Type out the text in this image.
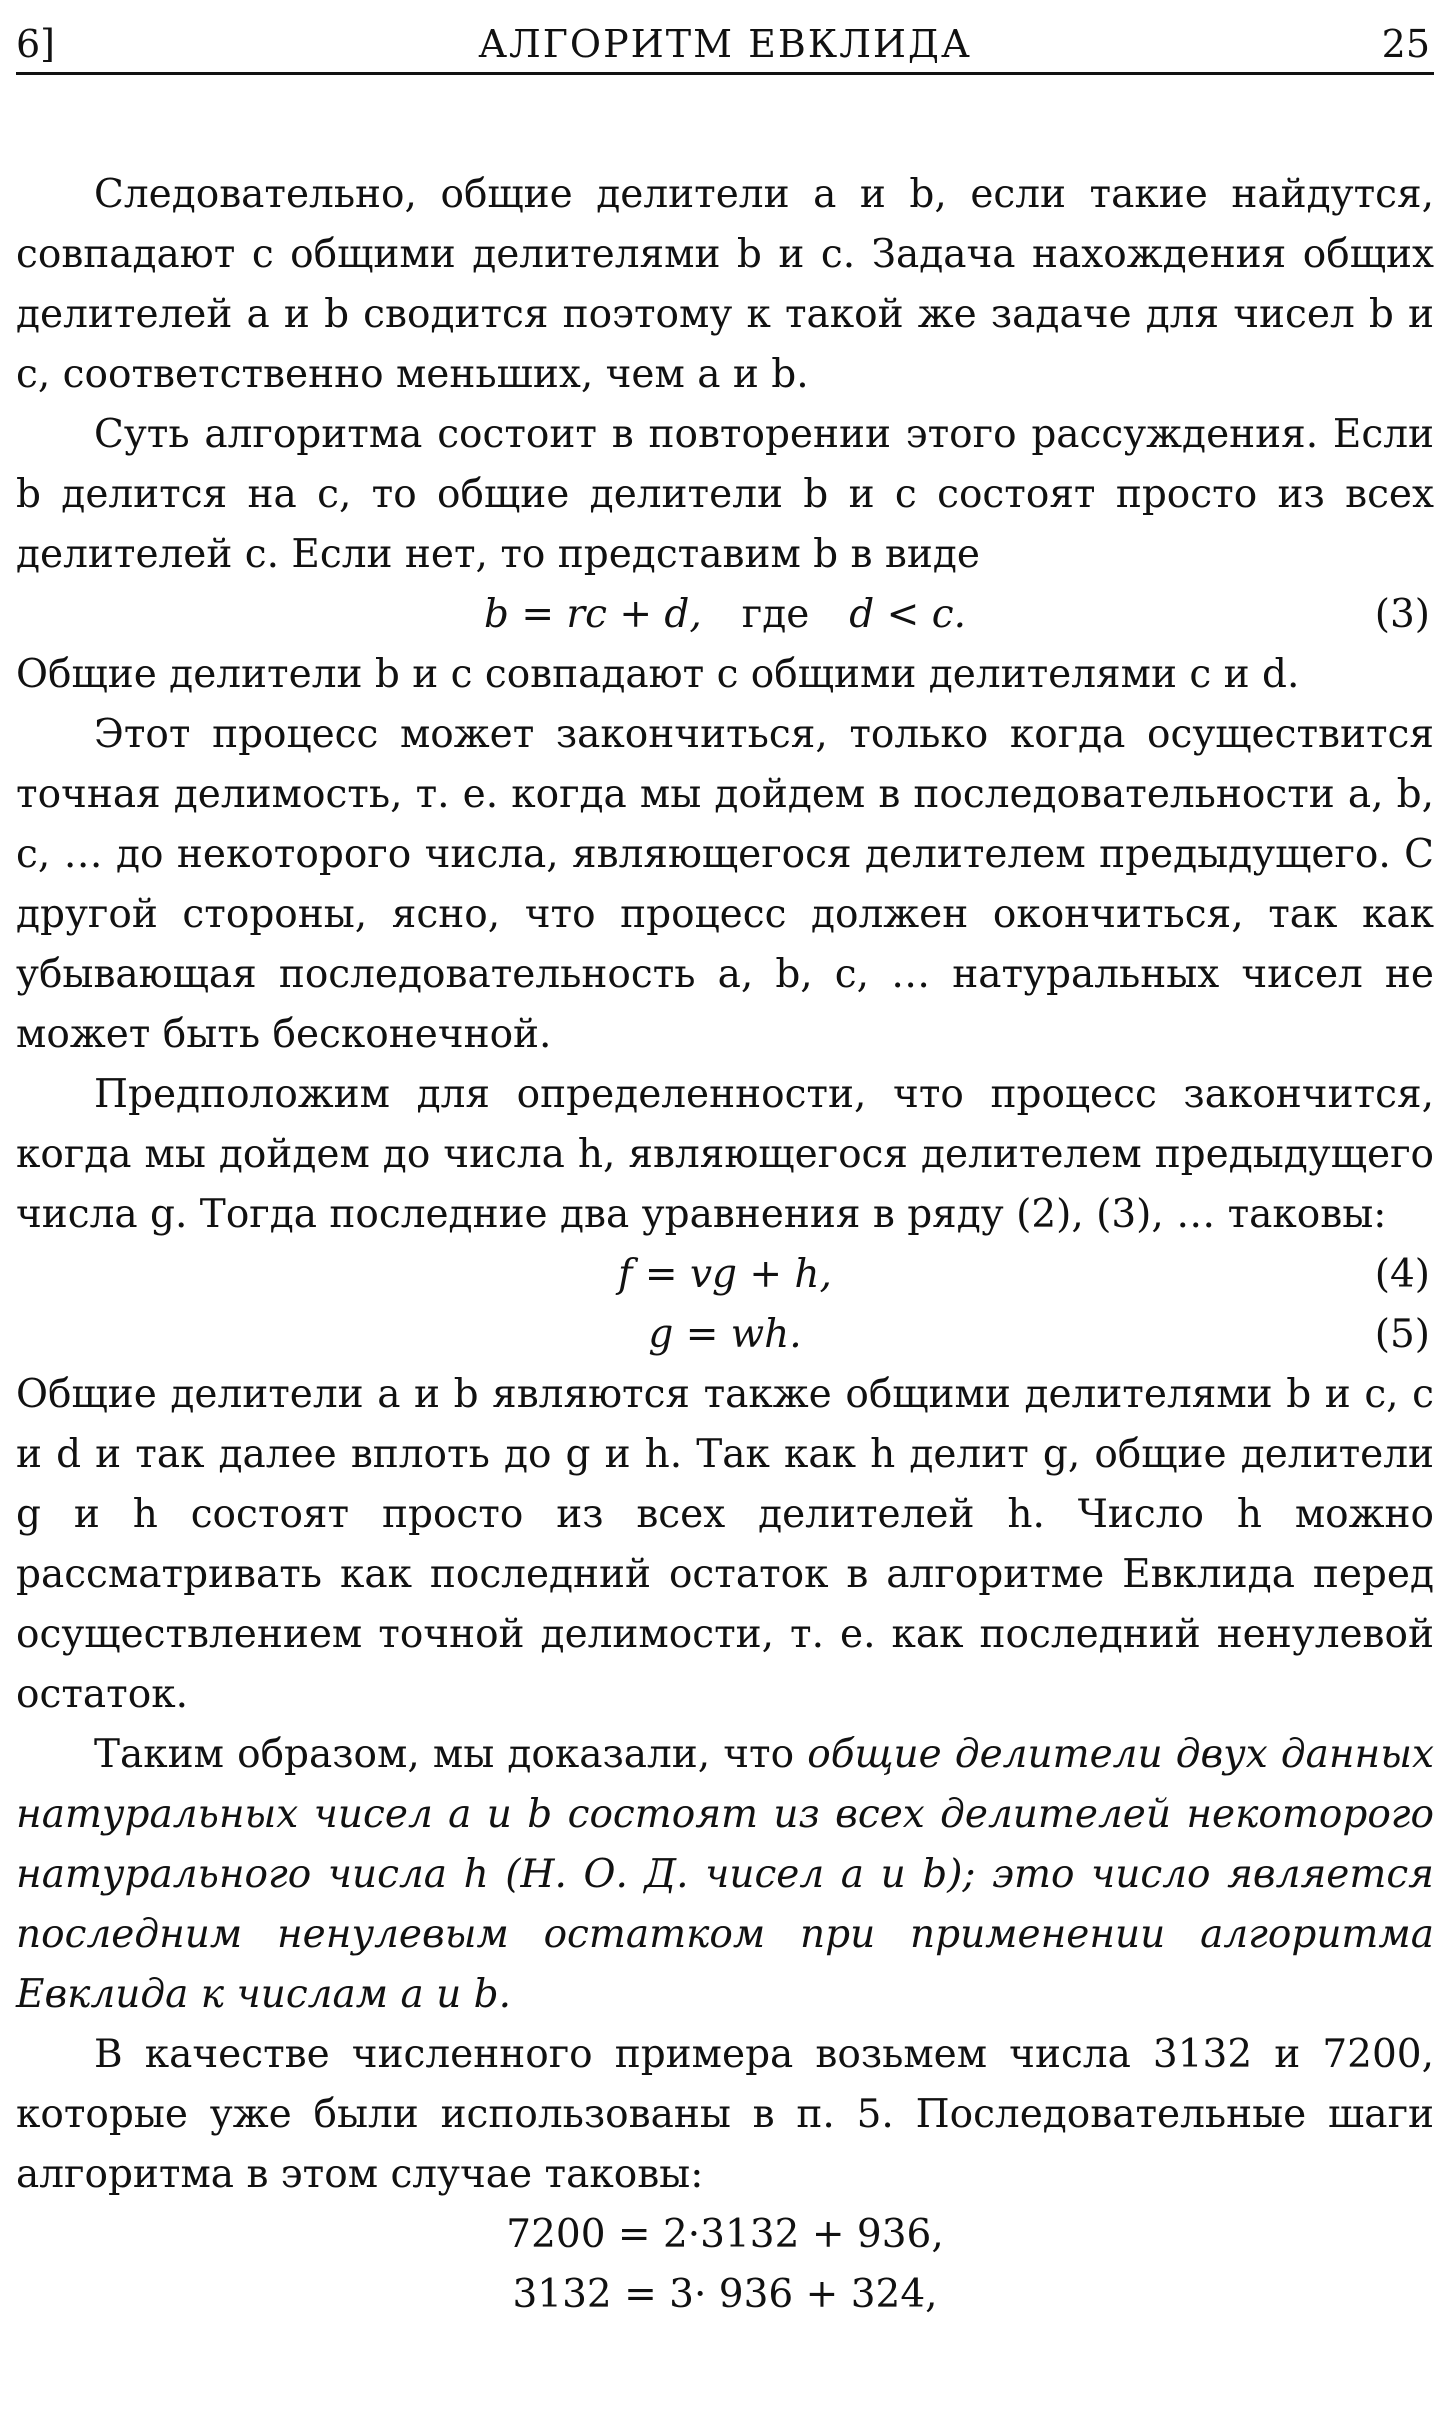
6]	АЛГОРИТМ ЕВКЛИДА	25

Следовательно, общие делители a и b, если такие найдутся, совпадают с общими делителями b и c. Задача нахождения общих делителей a и b сводится поэтому к такой же задаче для чисел b и c, соответственно меньших, чем a и b.

Суть алгоритма состоит в повторении этого рассуждения. Если b делится на c, то общие делители b и c состоят просто из всех делителей c. Если нет, то представим b в виде

b = rc + d, где d < c.	(3)

Общие делители b и c совпадают с общими делителями c и d.

Этот процесс может закончиться, только когда осуществится точная делимость, т. е. когда мы дойдем в последовательности a, b, c, … до некоторого числа, являющегося делителем предыдущего. С другой стороны, ясно, что процесс должен окончиться, так как убывающая последовательность a, b, c, … натуральных чисел не может быть бесконечной.

Предположим для определенности, что процесс закончится, когда мы дойдем до числа h, являющегося делителем предыдущего числа g. Тогда последние два уравнения в ряду (2), (3), … таковы:

f = vg + h,	(4)
g = wh.	(5)

Общие делители a и b являются также общими делителями b и c, c и d и так далее вплоть до g и h. Так как h делит g, общие делители g и h состоят просто из всех делителей h. Число h можно рассматривать как последний остаток в алгоритме Евклида перед осуществлением точной делимости, т. е. как последний ненулевой остаток.

Таким образом, мы доказали, что общие делители двух данных натуральных чисел a и b состоят из всех делителей некоторого натурального числа h (Н. О. Д. чисел a и b); это число является последним ненулевым остатком при применении алгоритма Евклида к числам a и b.

В качестве численного примера возьмем числа 3132 и 7200, которые уже были использованы в п. 5. Последовательные шаги алгоритма в этом случае таковы:

7200 = 2·3132 + 936,
3132 = 3· 936 + 324,
